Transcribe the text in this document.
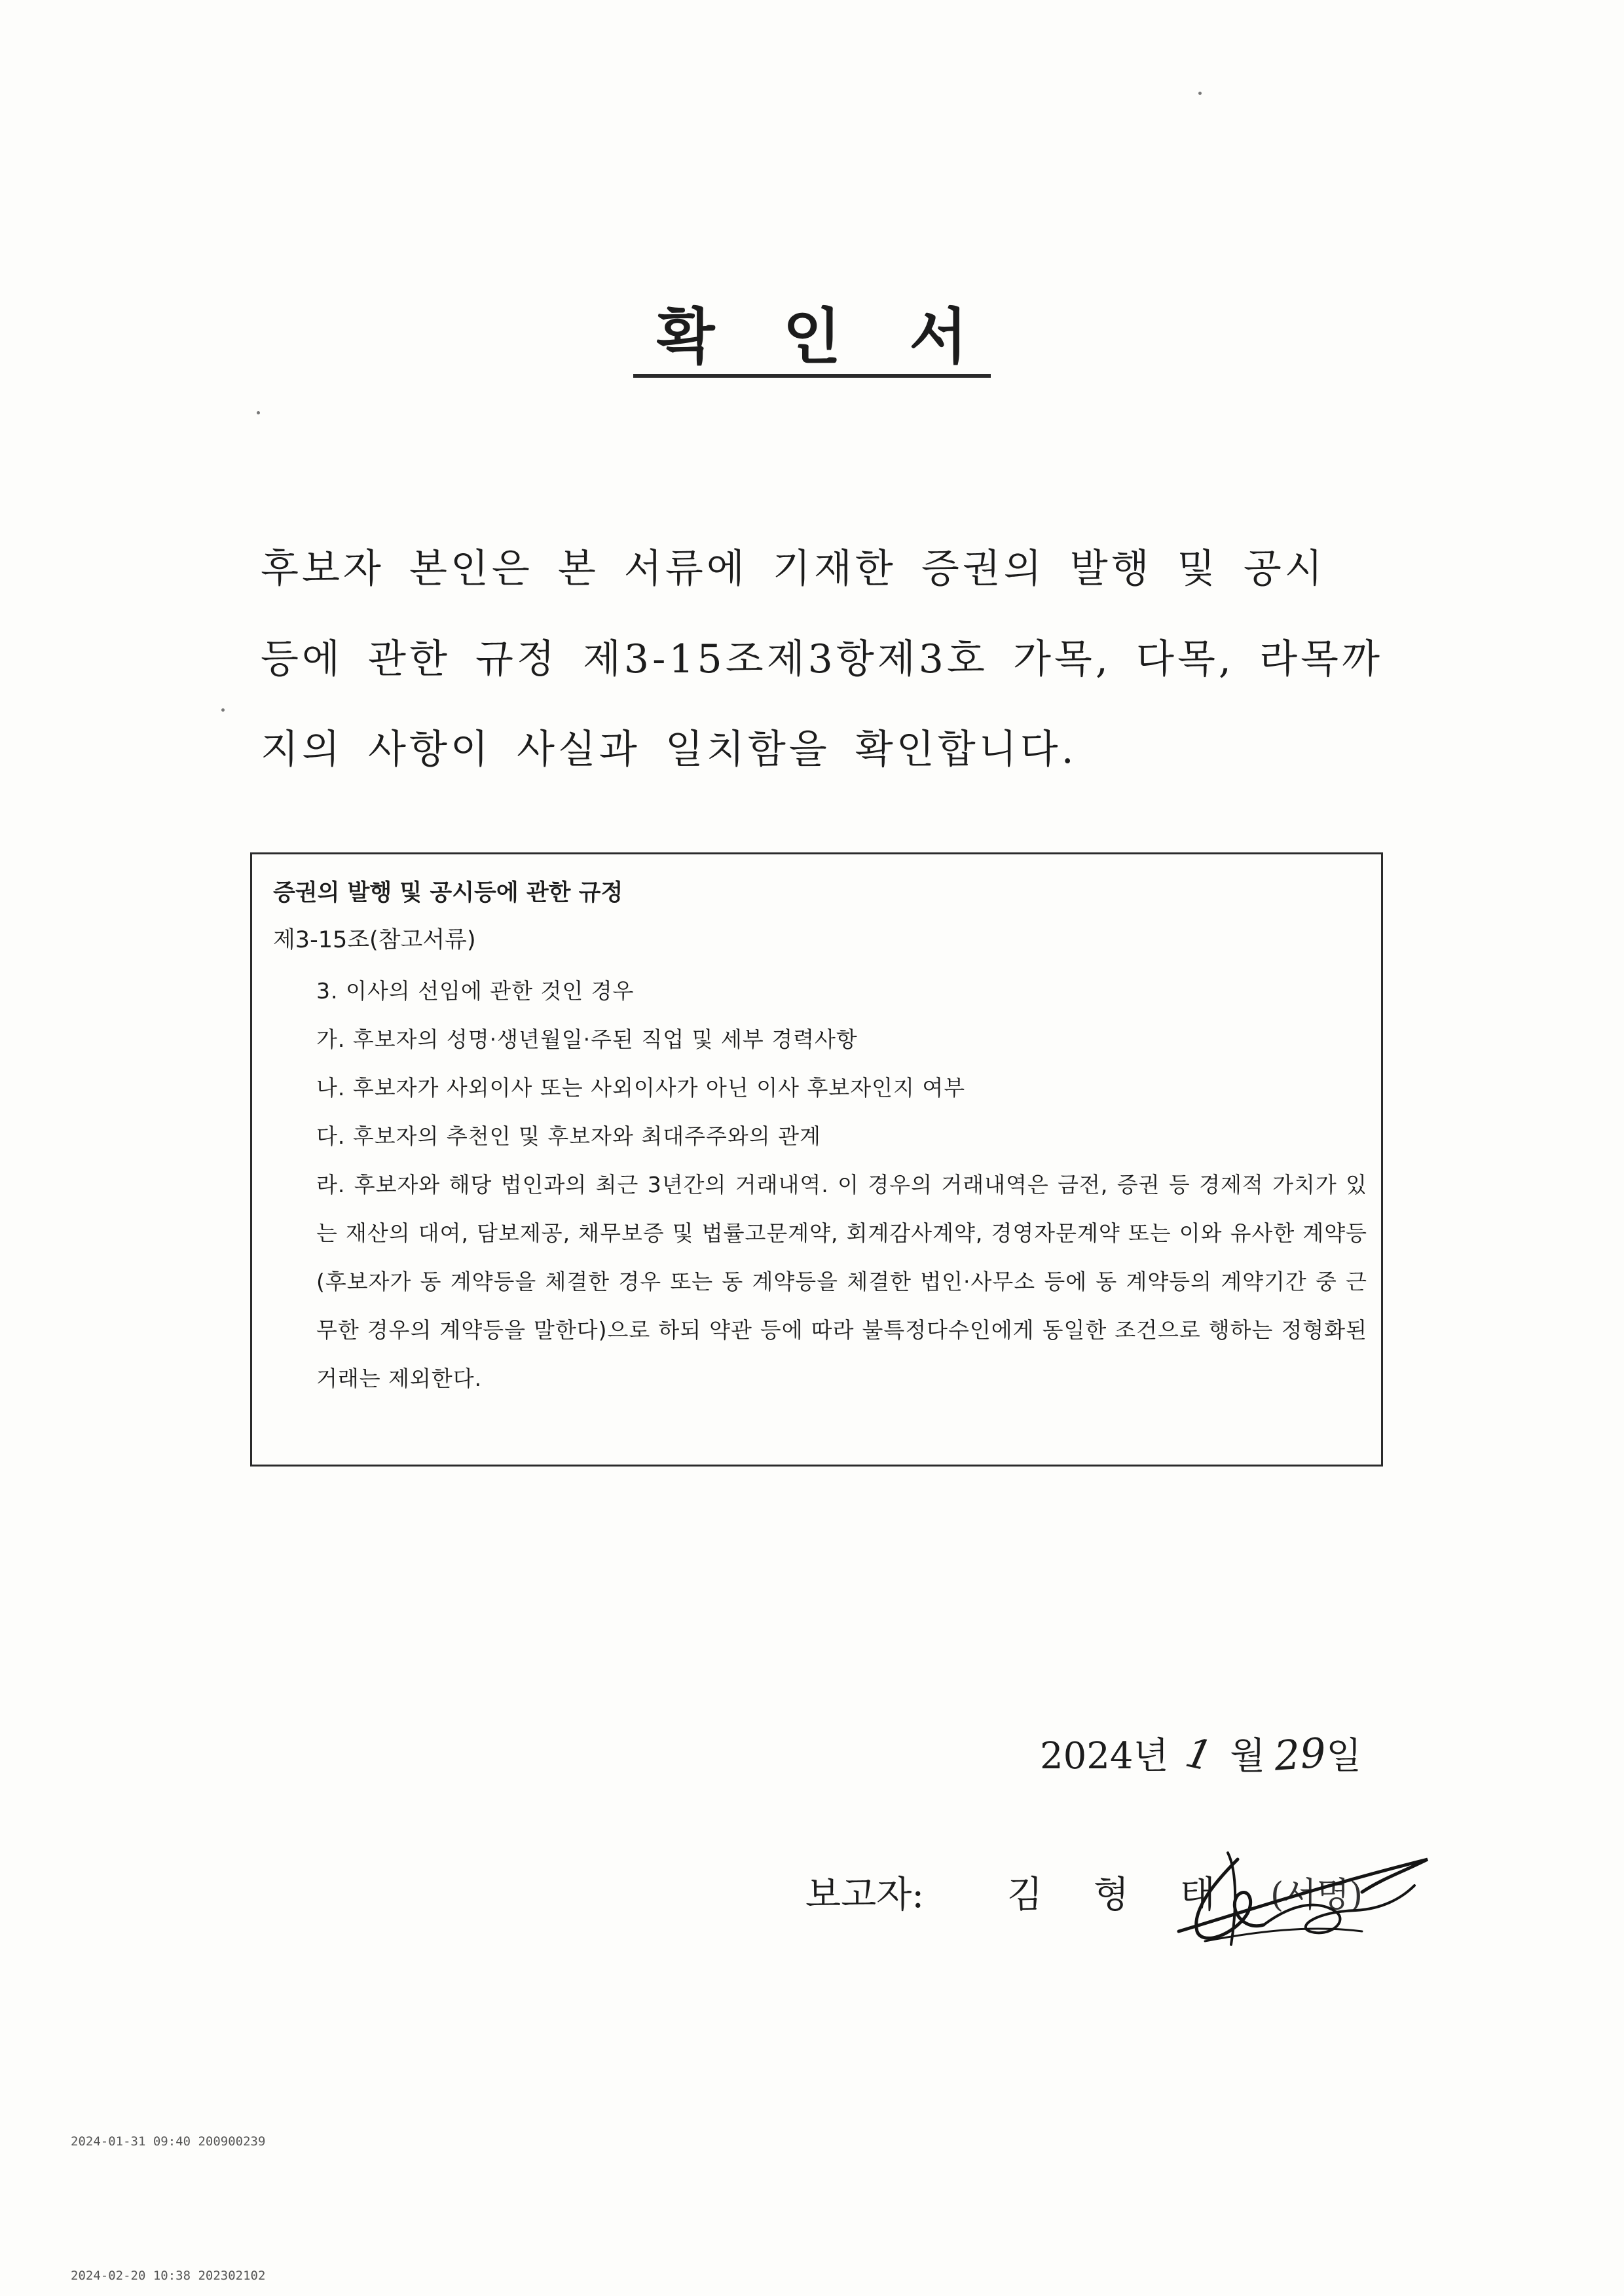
확 인 서

후보자 본인은 본 서류에 기재한 증권의 발행 및 공시 등에 관한 규정 제3-15조제3항제3호 가목, 다목, 라목까지의 사항이 사실과 일치함을 확인합니다.

증권의 발행 및 공시등에 관한 규정
제3-15조(참고서류)
3. 이사의 선임에 관한 것인 경우
가. 후보자의 성명·생년월일·주된 직업 및 세부 경력사항
나. 후보자가 사외이사 또는 사외이사가 아닌 이사 후보자인지 여부
다. 후보자의 추천인 및 후보자와 최대주주와의 관계
라. 후보자와 해당 법인과의 최근 3년간의 거래내역. 이 경우의 거래내역은 금전, 증권 등 경제적 가치가 있는 재산의 대여, 담보제공, 채무보증 및 법률고문계약, 회계감사계약, 경영자문계약 또는 이와 유사한 계약등(후보자가 동 계약등을 체결한 경우 또는 동 계약등을 체결한 법인·사무소 등에 동 계약등의 계약기간 중 근무한 경우의 계약등을 말한다)으로 하되 약관 등에 따라 불특정다수인에게 동일한 조건으로 행하는 정형화된 거래는 제외한다.
2024년 1 월 29일
보고자: 김 형 태 (서명)
2024-01-31 09:40 200900239
2024-02-20 10:38 202302102
